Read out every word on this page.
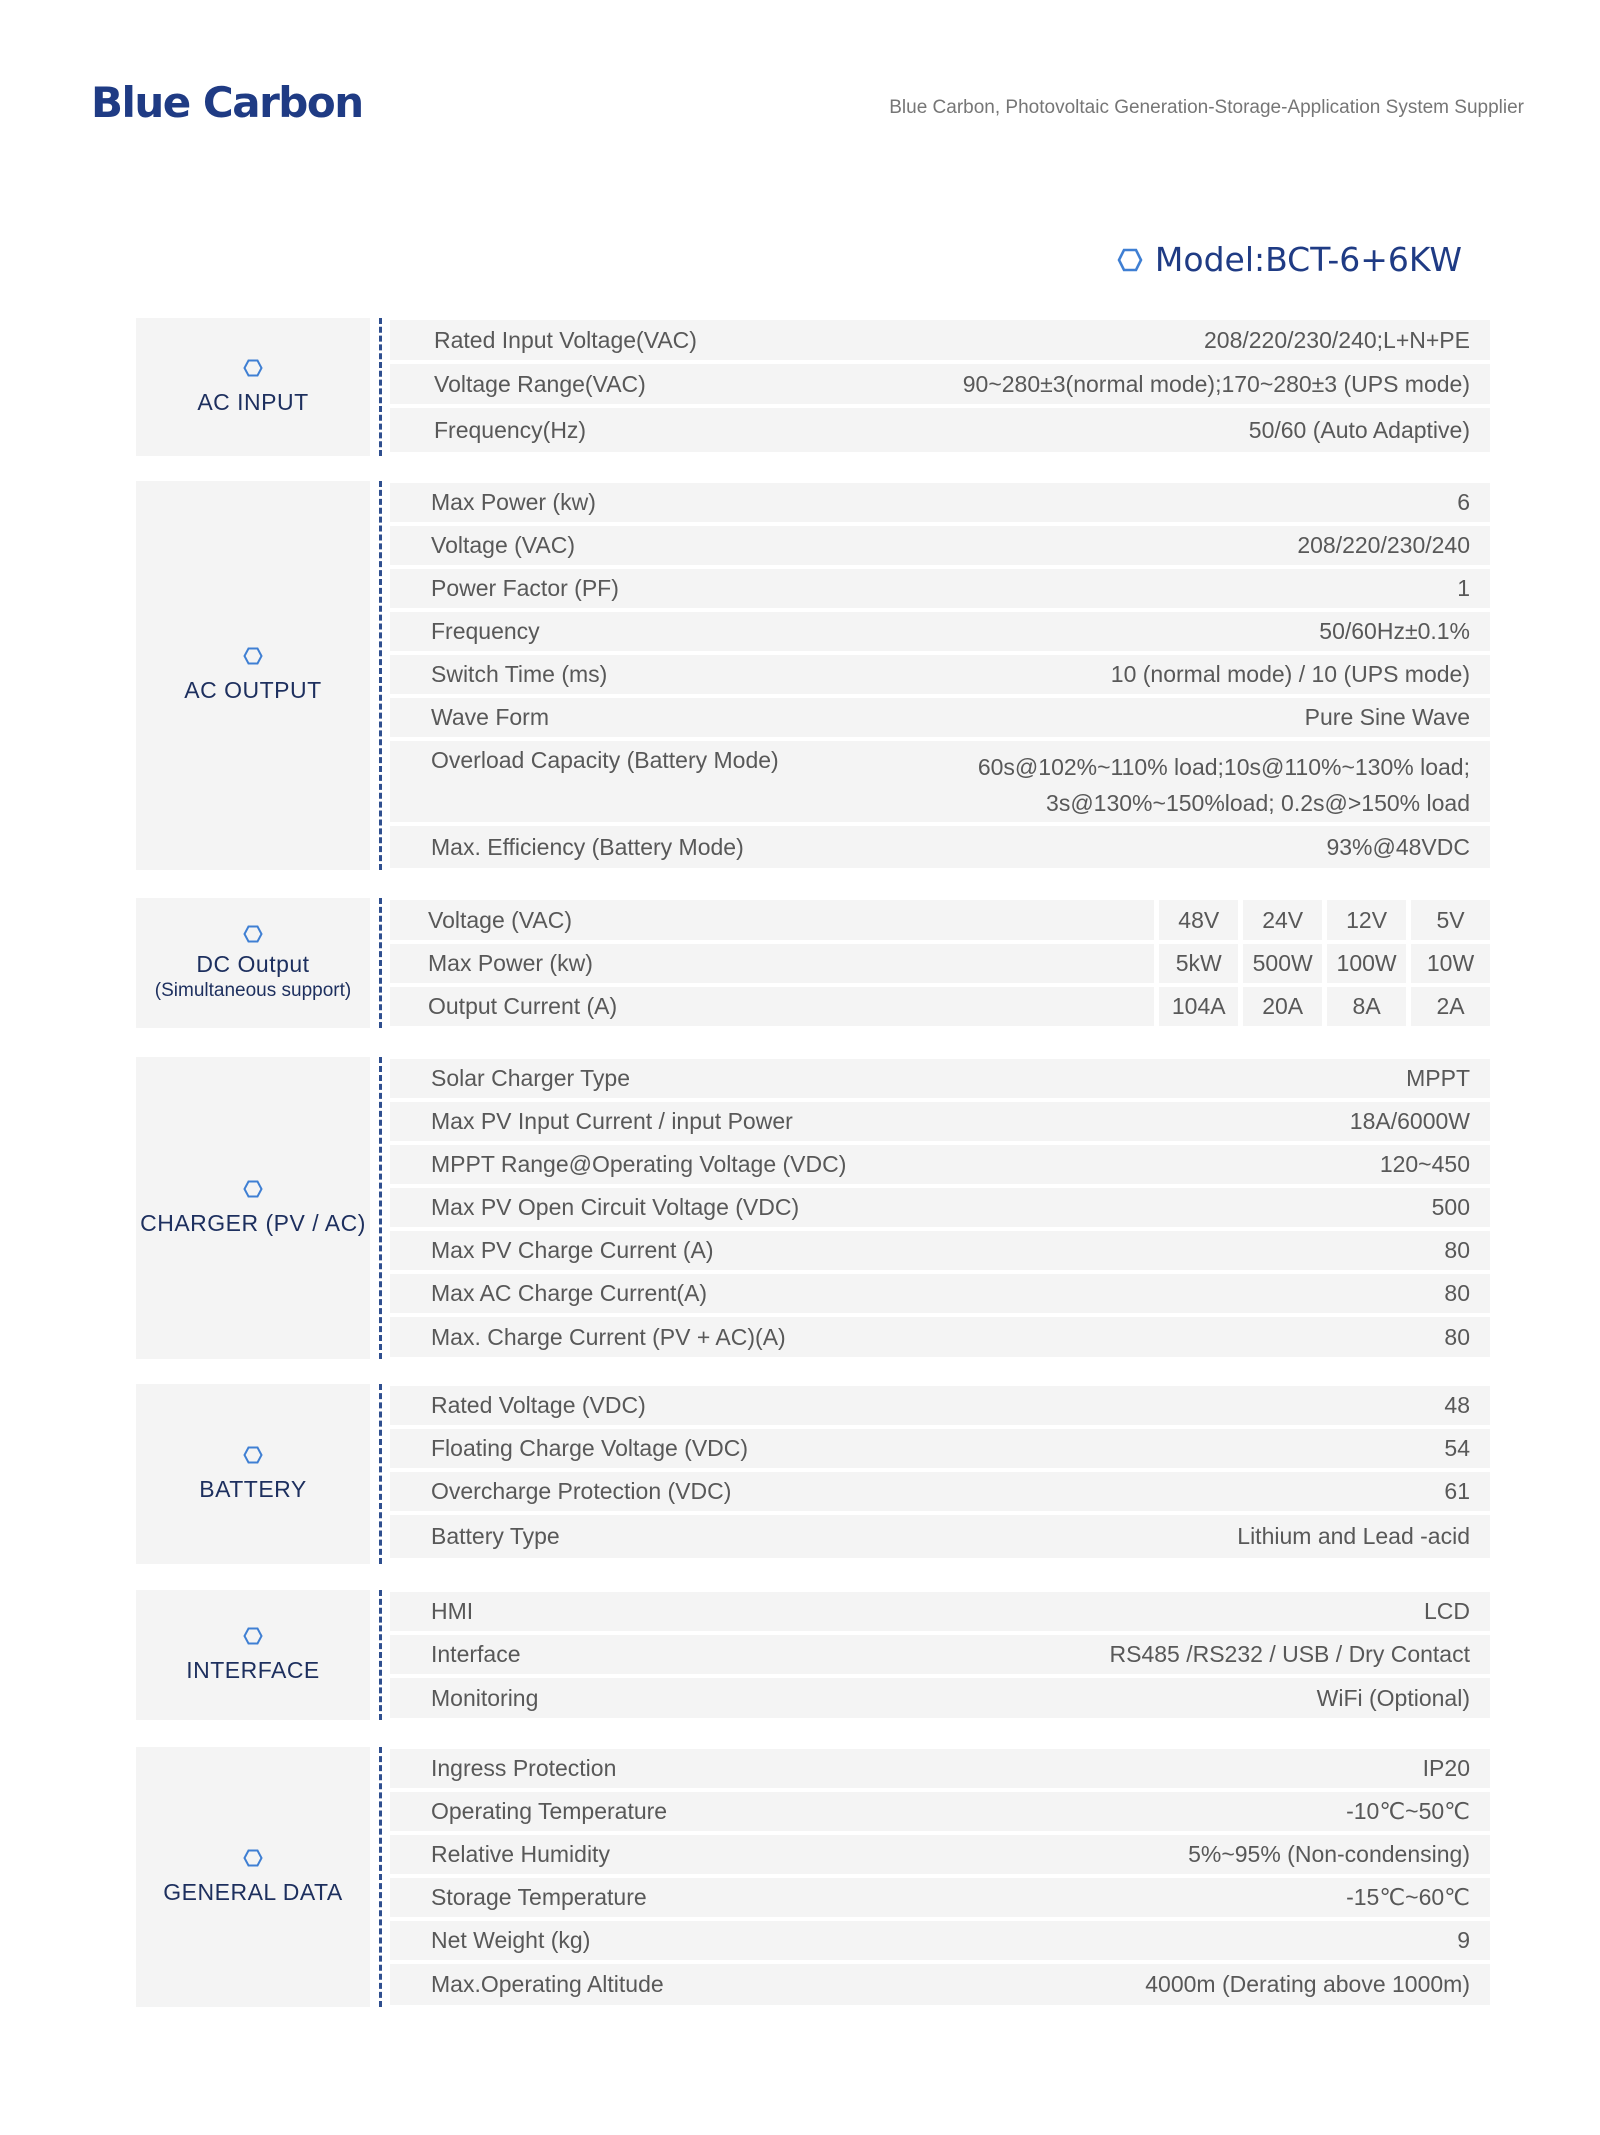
Blue Carbon	Blue Carbon, Photovoltaic Generation-Storage-Application System Supplier
Model:BCT-6+6KW
AC INPUT
Rated Input Voltage(VAC)	208/220/230/240;L+N+PE
Voltage Range(VAC)	90~280±3(normal mode);170~280±3 (UPS mode)
Frequency(Hz)	50/60 (Auto Adaptive)
AC OUTPUT
Max Power (kw)	6
Voltage (VAC)	208/220/230/240
Power Factor (PF)	1
Frequency	50/60Hz±0.1%
Switch Time (ms)	10 (normal mode) / 10 (UPS mode)
Wave Form	Pure Sine Wave
Overload Capacity (Battery Mode)	60s@102%~110% load;10s@110%~130% load;
3s@130%~150%load; 0.2s@>150% load
Max. Efficiency (Battery Mode)	93%@48VDC
DC Output
(Simultaneous support)
Voltage (VAC)	48V	24V	12V	5V
Max Power (kw)	5kW	500W	100W	10W
Output Current (A)	104A	20A	8A	2A
CHARGER (PV / AC)
Solar Charger Type	MPPT
Max PV Input Current / input Power	18A/6000W
MPPT Range@Operating Voltage (VDC)	120~450
Max PV Open Circuit Voltage (VDC)	500
Max PV Charge Current (A)	80
Max AC Charge Current(A)	80
Max. Charge Current (PV + AC)(A)	80
BATTERY
Rated Voltage (VDC)	48
Floating Charge Voltage (VDC)	54
Overcharge Protection (VDC)	61
Battery Type	Lithium and Lead -acid
INTERFACE
HMI	LCD
Interface	RS485 /RS232 / USB / Dry Contact
Monitoring	WiFi (Optional)
GENERAL DATA
Ingress Protection	IP20
Operating Temperature	-10℃~50℃
Relative Humidity	5%~95% (Non-condensing)
Storage Temperature	-15℃~60℃
Net Weight (kg)	9
Max.Operating Altitude	4000m (Derating above 1000m)
